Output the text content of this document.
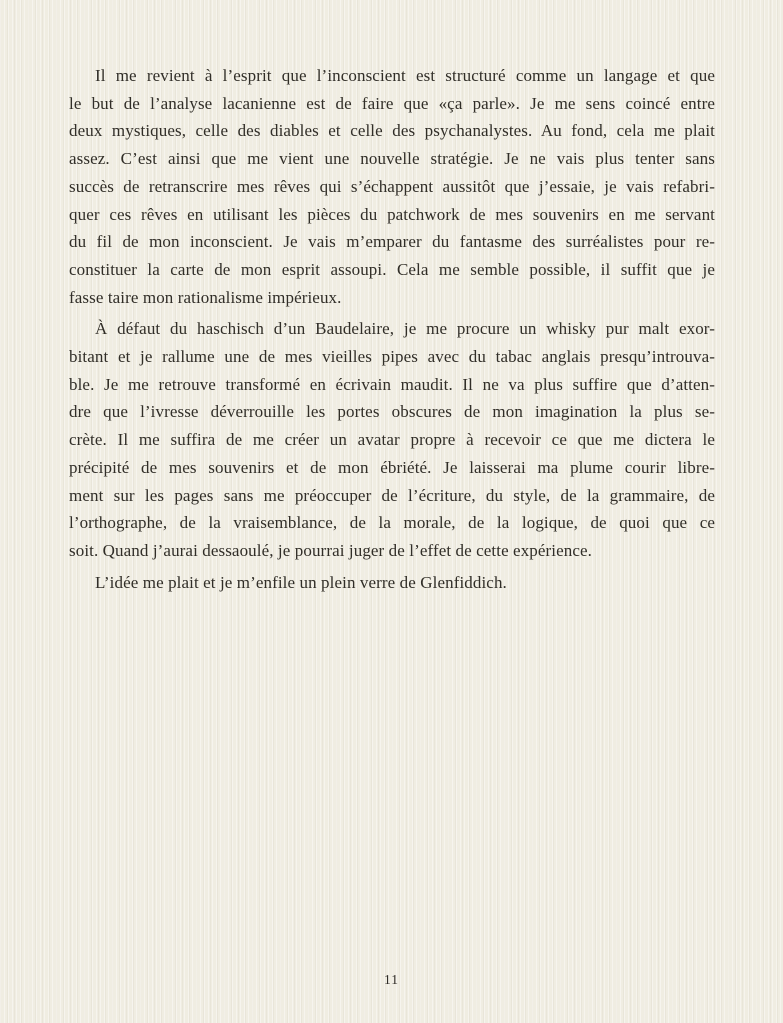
Il me revient à l’esprit que l’inconscient est structuré comme un langage et que
le but de l’analyse lacanienne est de faire que «ça parle». Je me sens coincé entre
deux mystiques, celle des diables et celle des psychanalystes. Au fond, cela me plait
assez. C’est ainsi que me vient une nouvelle stratégie. Je ne vais plus tenter sans
succès de retranscrire mes rêves qui s’échappent aussitôt que j’essaie, je vais refabri-
quer ces rêves en utilisant les pièces du patchwork de mes souvenirs en me servant
du fil de mon inconscient. Je vais m’emparer du fantasme des surréalistes pour re-
constituer la carte de mon esprit assoupi. Cela me semble possible, il suffit que je
fasse taire mon rationalisme impérieux.
À défaut du haschisch d’un Baudelaire, je me procure un whisky pur malt exor-
bitant et je rallume une de mes vieilles pipes avec du tabac anglais presqu’introuva-
ble. Je me retrouve transformé en écrivain maudit. Il ne va plus suffire que d’atten-
dre que l’ivresse déverrouille les portes obscures de mon imagination la plus se-
crète. Il me suffira de me créer un avatar propre à recevoir ce que me dictera le
précipité de mes souvenirs et de mon ébriété. Je laisserai ma plume courir libre-
ment sur les pages sans me préoccuper de l’écriture, du style, de la grammaire, de
l’orthographe, de la vraisemblance, de la morale, de la logique, de quoi que ce
soit. Quand j’aurai dessaoulé, je pourrai juger de l’effet de cette expérience.
L’idée me plait et je m’enfile un plein verre de Glenfiddich.
11
